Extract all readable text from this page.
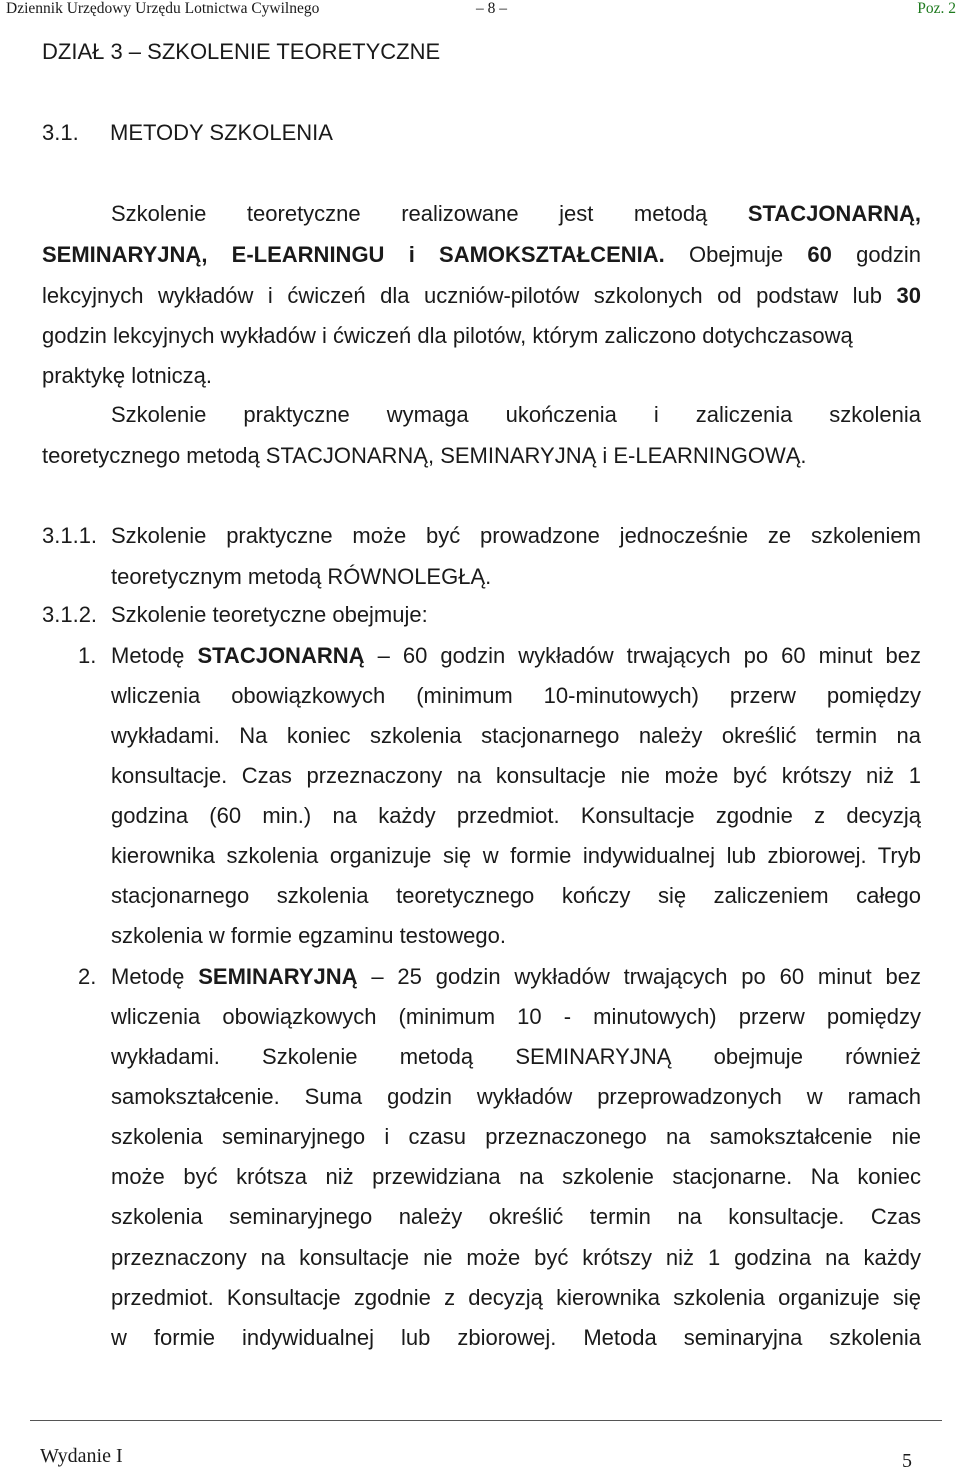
Dziennik Urzędowy Urzędu Lotnictwa Cywilnego	– 8 –	Poz. 2
DZIAŁ 3 – SZKOLENIE TEORETYCZNE
3.1. METODY SZKOLENIA
Szkolenie teoretyczne realizowane jest metodą STACJONARNĄ,
SEMINARYJNĄ, E-LEARNINGU i SAMOKSZTAŁCENIA. Obejmuje 60 godzin
lekcyjnych wykładów i ćwiczeń dla uczniów-pilotów szkolonych od podstaw lub 30
godzin lekcyjnych wykładów i ćwiczeń dla pilotów, którym zaliczono dotychczasową
praktykę lotniczą.
Szkolenie praktyczne wymaga ukończenia i zaliczenia szkolenia
teoretycznego metodą STACJONARNĄ, SEMINARYJNĄ i E-LEARNINGOWĄ.
3.1.1. Szkolenie praktyczne może być prowadzone jednocześnie ze szkoleniem
teoretycznym metodą RÓWNOLEGŁĄ.
3.1.2. Szkolenie teoretyczne obejmuje:
1. Metodę STACJONARNĄ – 60 godzin wykładów trwających po 60 minut bez
wliczenia obowiązkowych (minimum 10-minutowych) przerw pomiędzy
wykładami. Na koniec szkolenia stacjonarnego należy określić termin na
konsultacje. Czas przeznaczony na konsultacje nie może być krótszy niż 1
godzina (60 min.) na każdy przedmiot. Konsultacje zgodnie z decyzją
kierownika szkolenia organizuje się w formie indywidualnej lub zbiorowej. Tryb
stacjonarnego szkolenia teoretycznego kończy się zaliczeniem całego
szkolenia w formie egzaminu testowego.
2. Metodę SEMINARYJNĄ – 25 godzin wykładów trwających po 60 minut bez
wliczenia obowiązkowych (minimum 10 - minutowych) przerw pomiędzy
wykładami. Szkolenie metodą SEMINARYJNĄ obejmuje również
samokształcenie. Suma godzin wykładów przeprowadzonych w ramach
szkolenia seminaryjnego i czasu przeznaczonego na samokształcenie nie
może być krótsza niż przewidziana na szkolenie stacjonarne. Na koniec
szkolenia seminaryjnego należy określić termin na konsultacje. Czas
przeznaczony na konsultacje nie może być krótszy niż 1 godzina na każdy
przedmiot. Konsultacje zgodnie z decyzją kierownika szkolenia organizuje się
w formie indywidualnej lub zbiorowej. Metoda seminaryjna szkolenia
Wydanie I	5
